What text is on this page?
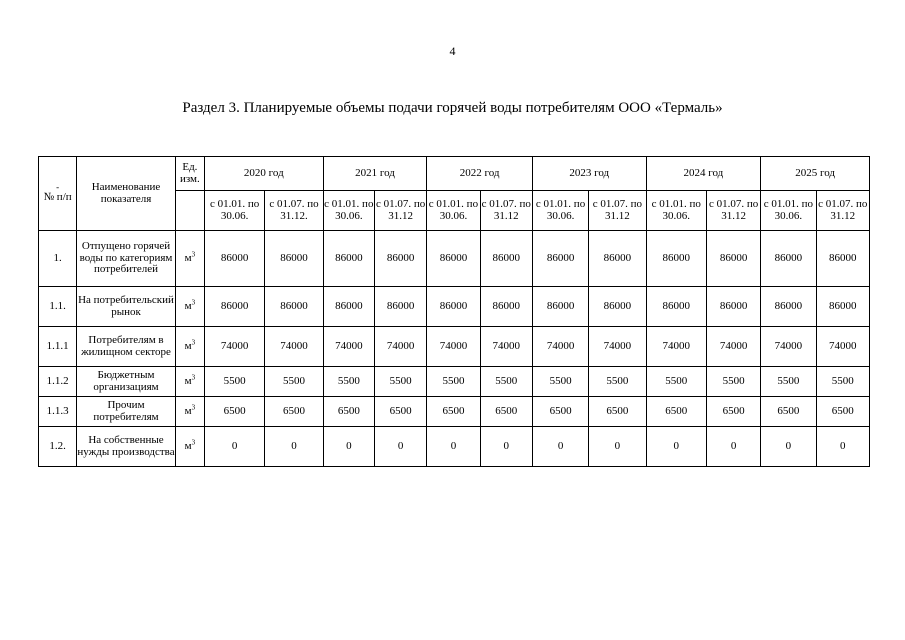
4
Раздел 3. Планируемые объемы подачи горячей воды потребителям ООО «Термаль»
-
№ п/п	Наименование показателя	Ед. изм.	2020 год		2021 год		2022 год		2023 год		2024 год		2025 год	
			с 01.01. по 30.06.	с 01.07. по 31.12.	с 01.01. по 30.06.	с 01.07. по 31.12	с 01.01. по 30.06.	с 01.07. по 31.12	с 01.01. по 30.06.	с 01.07. по 31.12	с 01.01. по 30.06.	с 01.07. по 31.12	с 01.01. по 30.06.	с 01.07. по 31.12
1.	Отпущено горячей воды по категориям потребителей	$м^3$	86000	86000	86000	86000	86000	86000	86000	86000	86000	86000	86000	86000
1.1.	На потребительский рынок	$м^3$	86000	86000	86000	86000	86000	86000	86000	86000	86000	86000	86000	86000
1.1.1	Потребителям в жилищном секторе	$м^3$	74000	74000	74000	74000	74000	74000	74000	74000	74000	74000	74000	74000
1.1.2	Бюджетным организациям	$м^3$	5500	5500	5500	5500	5500	5500	5500	5500	5500	5500	5500	5500
1.1.3	Прочим потребителям	$м^3$	6500	6500	6500	6500	6500	6500	6500	6500	6500	6500	6500	6500
1.2.	На собственные нужды производства	$м^3$	0	0	0	0	0	0	0	0	0	0	0	0
